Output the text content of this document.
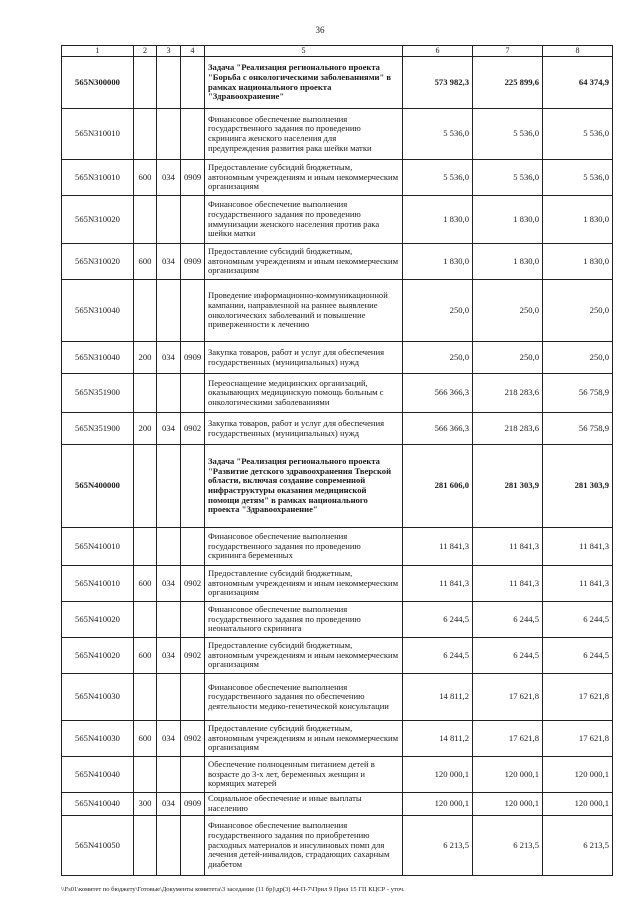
36
1	2	3	4	5	6	7	8
565N300000				Задача "Реализация регионального проекта "Борьба с онкологическими заболеваниями" в рамках национального проекта "Здравоохранение"	573 982,3	225 899,6	64 374,9
565N310010				Финансовое обеспечение выполнения государственного задания по проведению скрининга женского населения для предупреждения развития рака шейки матки	5 536,0	5 536,0	5 536,0
565N310010	600	034	0909	Предоставление субсидий бюджетным, автономным учреждениям и иным некоммерческим организациям	5 536,0	5 536,0	5 536,0
565N310020				Финансовое обеспечение выполнения государственного задания по проведению иммунизации женского населения против рака шейки матки	1 830,0	1 830,0	1 830,0
565N310020	600	034	0909	Предоставление субсидий бюджетным, автономным учреждениям и иным некоммерческим организациям	1 830,0	1 830,0	1 830,0
565N310040				Проведение информационно-коммуникационной кампании, направленной на раннее выявление онкологических заболеваний и повышение приверженности к лечению	250,0	250,0	250,0
565N310040	200	034	0909	Закупка товаров, работ и услуг для обеспечения государственных (муниципальных) нужд	250,0	250,0	250,0
565N351900				Переоснащение медицинских организаций, оказывающих медицинскую помощь больным с онкологическими заболеваниями	566 366,3	218 283,6	56 758,9
565N351900	200	034	0902	Закупка товаров, работ и услуг для обеспечения государственных (муниципальных) нужд	566 366,3	218 283,6	56 758,9
565N400000				Задача "Реализация регионального проекта "Развитие детского здравоохранения Тверской области, включая создание современной инфраструктуры оказания медицинской помощи детям" в рамках национального проекта "Здравоохранение"	281 606,0	281 303,9	281 303,9
565N410010				Финансовое обеспечение выполнения государственного задания по проведению скрининга беременных	11 841,3	11 841,3	11 841,3
565N410010	600	034	0902	Предоставление субсидий бюджетным, автономным учреждениям и иным некоммерческим организациям	11 841,3	11 841,3	11 841,3
565N410020				Финансовое обеспечение выполнения государственного задания по проведению неонатального скрининга	6 244,5	6 244,5	6 244,5
565N410020	600	034	0902	Предоставление субсидий бюджетным, автономным учреждениям и иным некоммерческим организациям	6 244,5	6 244,5	6 244,5
565N410030				Финансовое обеспечение выполнения государственного задания по обеспечению деятельности медико-генетической консультации	14 811,2	17 621,8	17 621,8
565N410030	600	034	0902	Предоставление субсидий бюджетным, автономным учреждениям и иным некоммерческим организациям	14 811,2	17 621,8	17 621,8
565N410040				Обеспечение полноценным питанием детей в возрасте до 3-х лет, беременных женщин и кормящих матерей	120 000,1	120 000,1	120 000,1
565N410040	300	034	0909	Социальное обеспечение и иные выплаты населению	120 000,1	120 000,1	120 000,1
565N410050				Финансовое обеспечение выполнения государственного задания по приобретению расходных материалов и инсулиновых помп для лечения детей-инвалидов, страдающих сахарным диабетом	6 213,5	6 213,5	6 213,5
\\Fs01\комитет по бюджету\Готовые\Документы комитета\3 заседание (11 бр)\др(3) 44-П-7\Прил 9 Прил 15 ГП КЦСР - уточ.
